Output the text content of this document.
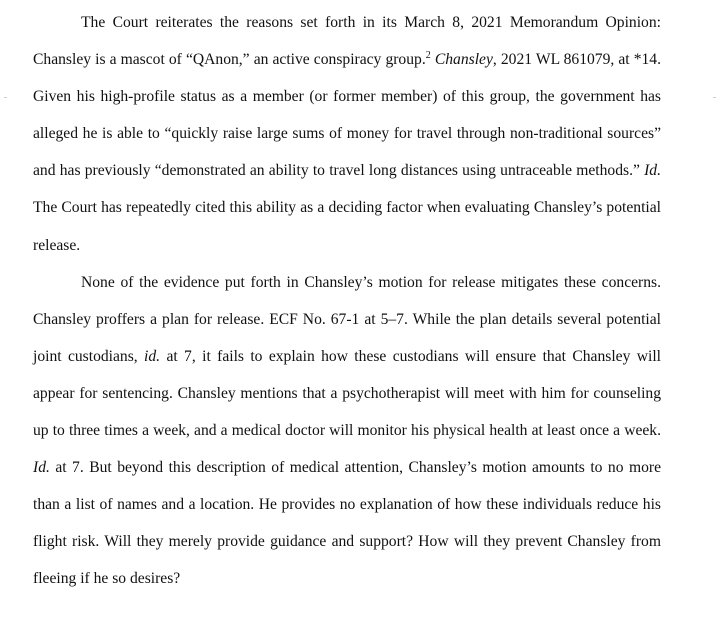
The Court reiterates the reasons set forth in its March 8, 2021 Memorandum Opinion: Chansley is a mascot of “QAnon,” an active conspiracy group.$^2$ Chansley, 2021 WL 861079, at *14. Given his high-profile status as a member (or former member) of this group, the government has alleged he is able to “quickly raise large sums of money for travel through non-traditional sources” and has previously “demonstrated an ability to travel long distances using untraceable methods.” Id. The Court has repeatedly cited this ability as a deciding factor when evaluating Chansley’s potential release.

None of the evidence put forth in Chansley’s motion for release mitigates these concerns. Chansley proffers a plan for release. ECF No. 67-1 at 5–7. While the plan details several potential joint custodians, id. at 7, it fails to explain how these custodians will ensure that Chansley will appear for sentencing. Chansley mentions that a psychotherapist will meet with him for counseling up to three times a week, and a medical doctor will monitor his physical health at least once a week. Id. at 7. But beyond this description of medical attention, Chansley’s motion amounts to no more than a list of names and a location. He provides no explanation of how these individuals reduce his flight risk. Will they merely provide guidance and support? How will they prevent Chansley from fleeing if he so desires?
